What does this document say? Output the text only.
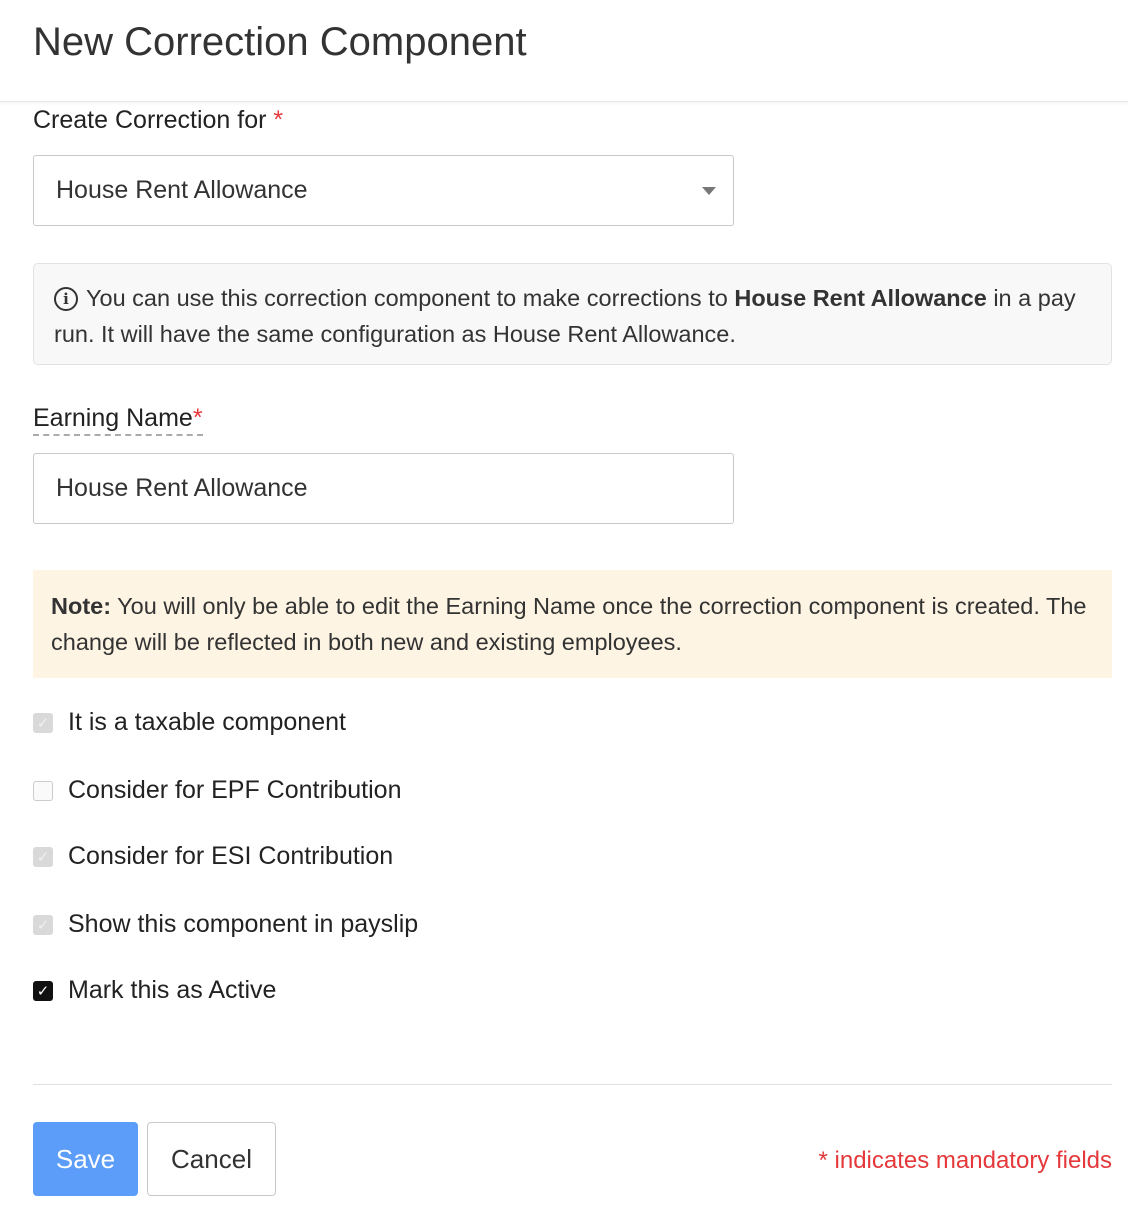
New Correction Component
Create Correction for *
House Rent Allowance
i You can use this correction component to make corrections to House Rent Allowance in a pay run. It will have the same configuration as House Rent Allowance.
Earning Name*
House Rent Allowance
Note: You will only be able to edit the Earning Name once the correction component is created. The change will be reflected in both new and existing employees.
✓ It is a taxable component
Consider for EPF Contribution
✓ Consider for ESI Contribution
✓ Show this component in payslip
✓ Mark this as Active
Save	Cancel	* indicates mandatory fields
